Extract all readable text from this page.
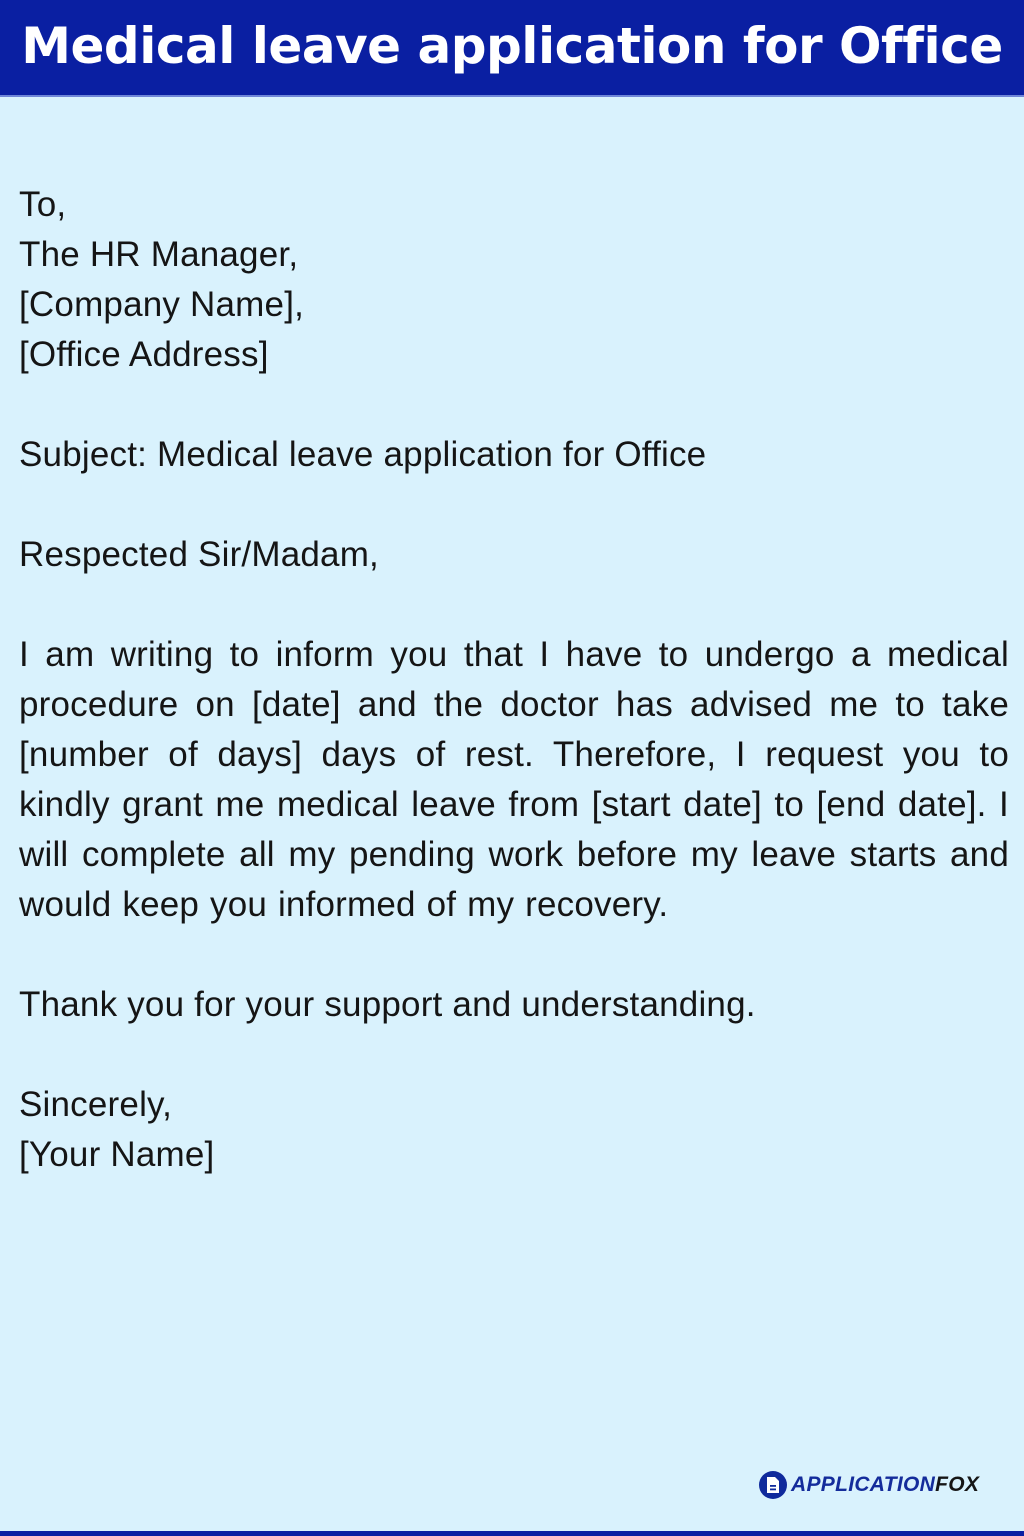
Medical leave application for Office
To,
The HR Manager,
[Company Name],
[Office Address]
Subject: Medical leave application for Office
Respected Sir/Madam,
I am writing to inform you that I have to undergo a medical procedure on [date] and the doctor has advised me to take [number of days] days of rest. Therefore, I request you to kindly grant me medical leave from [start date] to [end date]. I will complete all my pending work before my leave starts and would keep you informed of my recovery.
Thank you for your support and understanding.
Sincerely,
[Your Name]
APPLICATIONFOX
